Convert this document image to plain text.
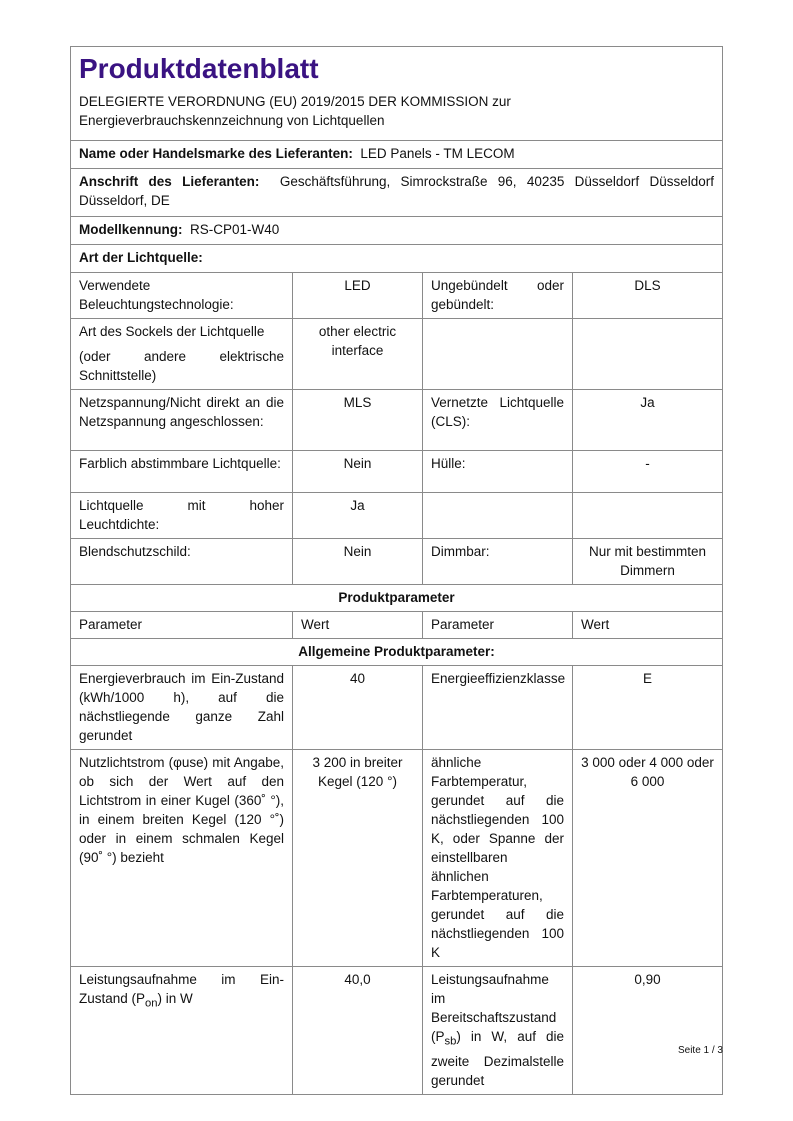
Produktdatenblatt
DELEGIERTE VERORDNUNG (EU) 2019/2015 DER KOMMISSION zur
Energieverbrauchskennzeichnung von Lichtquellen			

Name oder Handelsmarke des Lieferanten: LED Panels - TM LECOM			
Anschrift des Lieferanten: Geschäftsführung, Simrockstraße 96, 40235 Düsseldorf Düsseldorf Düsseldorf, DE			
Modellkennung: RS-CP01-W40			
Art der Lichtquelle:			
Verwendete Beleuchtungstechnologie:	LED	Ungebündelt oder gebündelt:	DLS

Art des Sockels der Lichtquelle
(oder andere elektrische Schnittstelle)	other electric interface		
Netzspannung/Nicht direkt an die Netzspannung angeschlossen:	MLS	Vernetzte Lichtquelle (CLS):	Ja
Farblich abstimmbare Lichtquelle:	Nein	Hülle:	-
Lichtquelle mit hoher Leuchtdichte:	Ja		
Blendschutzschild:	Nein	Dimmbar:	Nur mit bestimmten Dimmern
Produktparameter			
Parameter	Wert	Parameter	Wert
Allgemeine Produktparameter:			
Energieverbrauch im Ein-Zustand (kWh/1000 h), auf die nächstliegende ganze Zahl gerundet	40	Energieeffizienzklasse	E
Nutzlichtstrom (φuse) mit Angabe, ob sich der Wert auf den Lichtstrom in einer Kugel (360˚ °), in einem breiten Kegel (120 °˚) oder in einem schmalen Kegel (90˚ °) bezieht	3 200 in breiter Kegel (120 °)	ähnliche Farbtemperatur, gerundet auf die nächstliegenden 100 K, oder Spanne der einstellbaren ähnlichen Farbtemperaturen, gerundet auf die nächstliegenden 100 K	3 000 oder 4 000 oder 6 000
Leistungsaufnahme im Ein-Zustand $(P_{on})$ in W	40,0	Leistungsaufnahme im Bereitschaftszustand $(P_{sb})$ in W, auf die zweite Dezimalstelle gerundet	0,90
Seite 1 / 3
